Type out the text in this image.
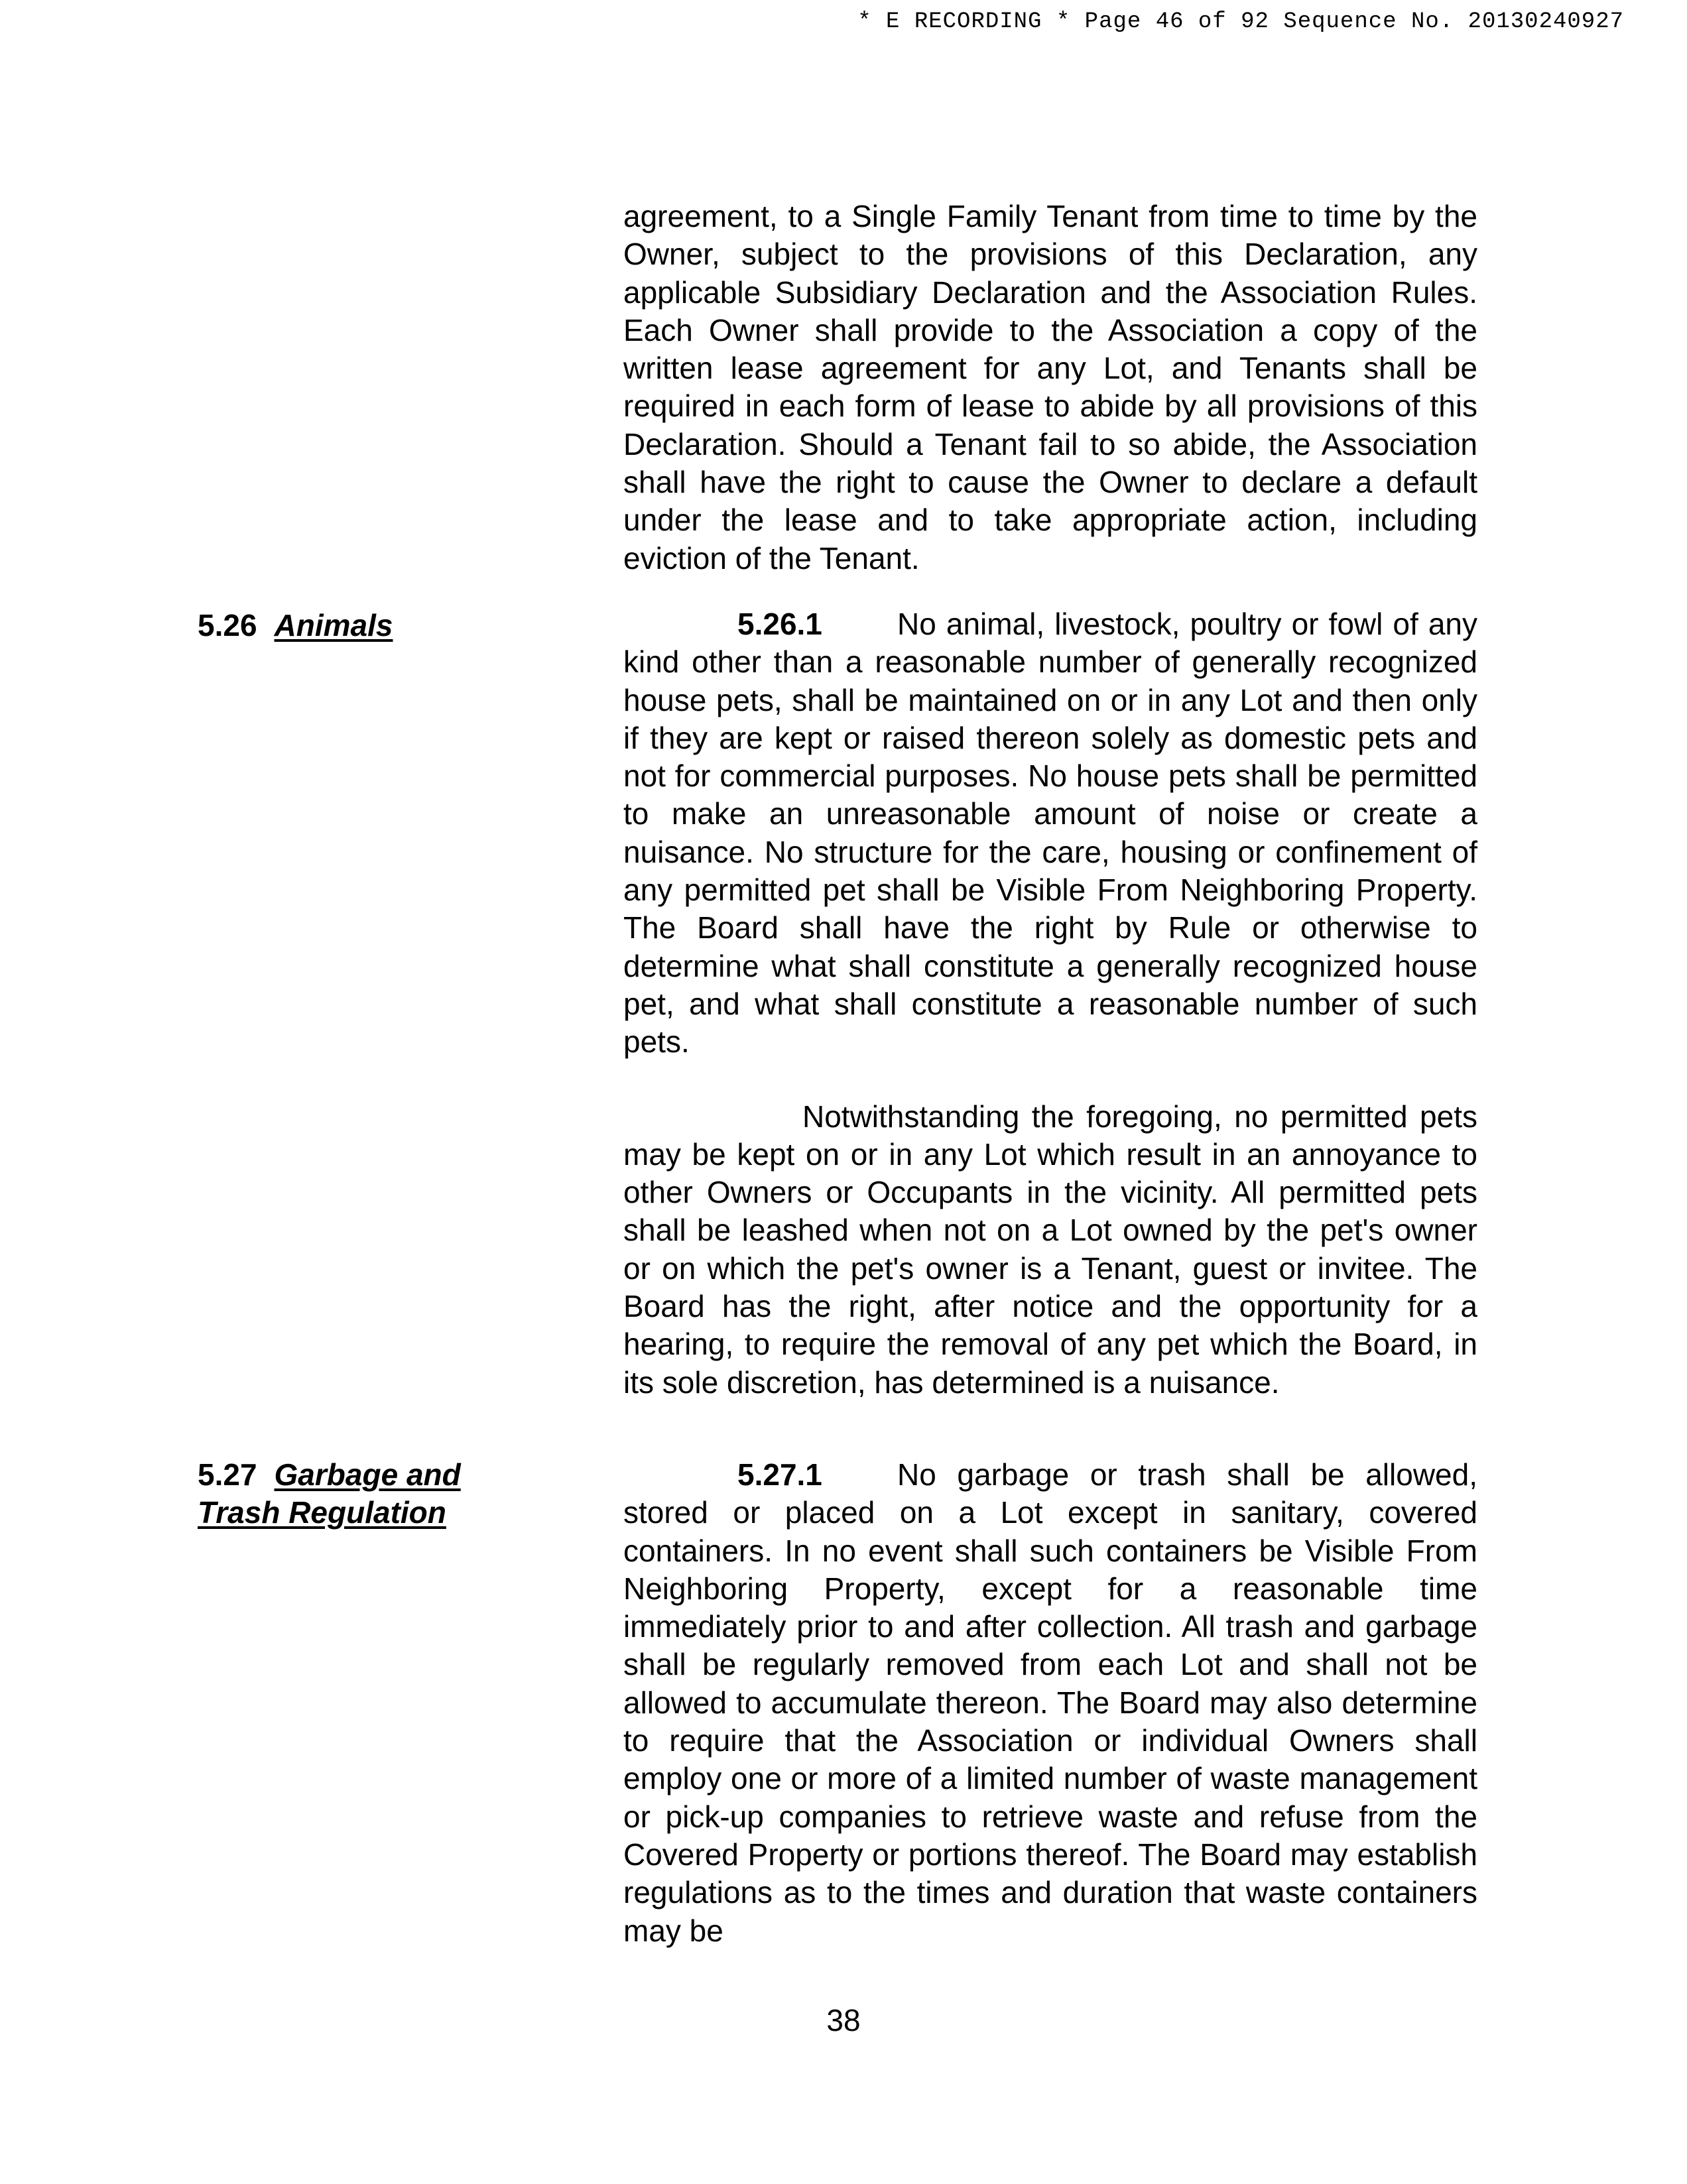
* E RECORDING * Page 46 of 92 Sequence No. 20130240927

agreement, to a Single Family Tenant from time to time by the Owner, subject to the provisions of this Declaration, any applicable Subsidiary Declaration and the Association Rules. Each Owner shall provide to the Association a copy of the written lease agreement for any Lot, and Tenants shall be required in each form of lease to abide by all provisions of this Declaration. Should a Tenant fail to so abide, the Association shall have the right to cause the Owner to declare a default under the lease and to take appropriate action, including eviction of the Tenant.

5.26 Animals	5.26.1 No animal, livestock, poultry or fowl of any kind other than a reasonable number of generally recognized house pets, shall be maintained on or in any Lot and then only if they are kept or raised thereon solely as domestic pets and not for commercial purposes. No house pets shall be permitted to make an unreasonable amount of noise or create a nuisance. No structure for the care, housing or confinement of any permitted pet shall be Visible From Neighboring Property. The Board shall have the right by Rule or otherwise to determine what shall constitute a generally recognized house pet, and what shall constitute a reasonable number of such pets.

Notwithstanding the foregoing, no permitted pets may be kept on or in any Lot which result in an annoyance to other Owners or Occupants in the vicinity. All permitted pets shall be leashed when not on a Lot owned by the pet's owner or on which the pet's owner is a Tenant, guest or invitee. The Board has the right, after notice and the opportunity for a hearing, to require the removal of any pet which the Board, in its sole discretion, has determined is a nuisance.

5.27 Garbage and
Trash Regulation

5.27.1 No garbage or trash shall be allowed, stored or placed on a Lot except in sanitary, covered containers. In no event shall such containers be Visible From Neighboring Property, except for a reasonable time immediately prior to and after collection. All trash and garbage shall be regularly removed from each Lot and shall not be allowed to accumulate thereon. The Board may also determine to require that the Association or individual Owners shall employ one or more of a limited number of waste management or pick-up companies to retrieve waste and refuse from the Covered Property or portions thereof. The Board may establish regulations as to the times and duration that waste containers may be

38
